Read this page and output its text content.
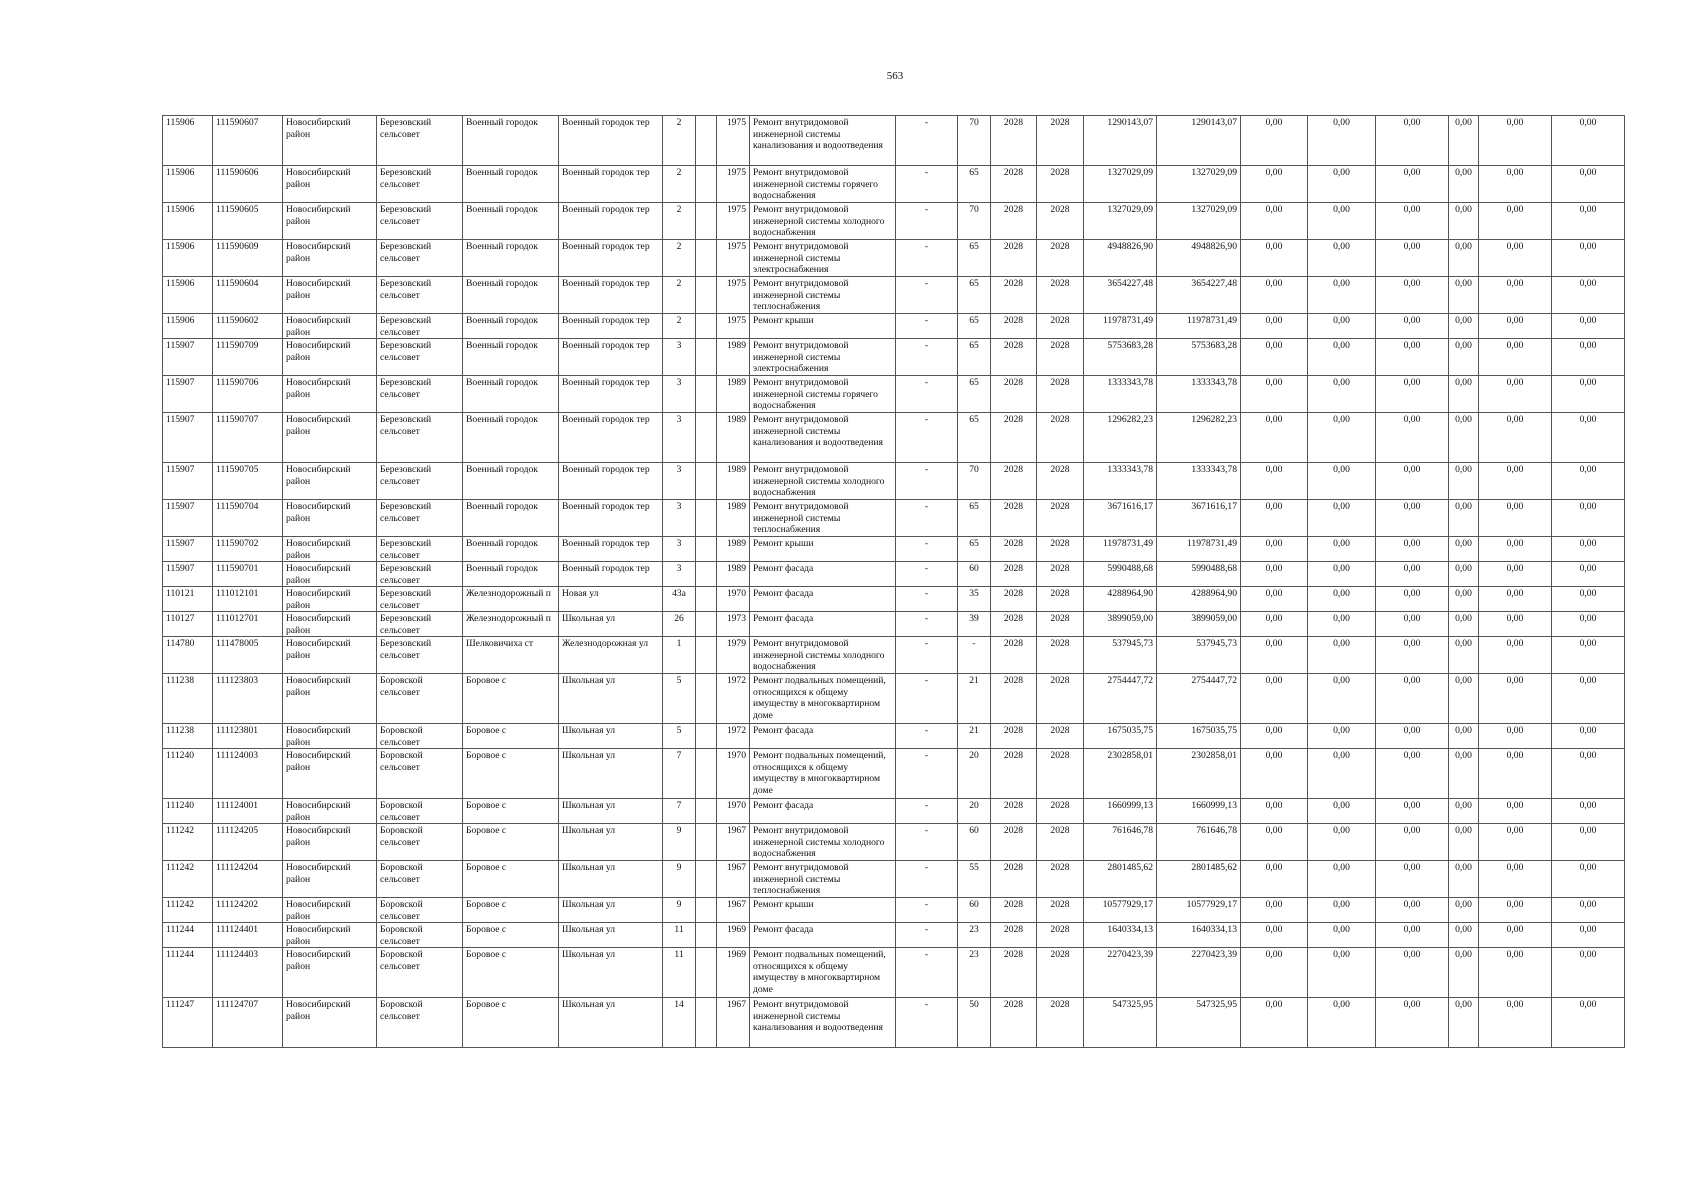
563
115906	111590607	Новосибирский район	Березовский сельсовет	Военный городок	Военный городок тер	2		1975	Ремонт внутридомовой инженерной системы канализования и водоотведения	-	70	2028	2028	1290143,07	1290143,07	0,00	0,00	0,00	0,00	0,00	0,00
115906	111590606	Новосибирский район	Березовский сельсовет	Военный городок	Военный городок тер	2		1975	Ремонт внутридомовой инженерной системы горячего водоснабжения	-	65	2028	2028	1327029,09	1327029,09	0,00	0,00	0,00	0,00	0,00	0,00
115906	111590605	Новосибирский район	Березовский сельсовет	Военный городок	Военный городок тер	2		1975	Ремонт внутридомовой инженерной системы холодного водоснабжения	-	70	2028	2028	1327029,09	1327029,09	0,00	0,00	0,00	0,00	0,00	0,00
115906	111590609	Новосибирский район	Березовский сельсовет	Военный городок	Военный городок тер	2		1975	Ремонт внутридомовой инженерной системы электроснабжения	-	65	2028	2028	4948826,90	4948826,90	0,00	0,00	0,00	0,00	0,00	0,00
115906	111590604	Новосибирский район	Березовский сельсовет	Военный городок	Военный городок тер	2		1975	Ремонт внутридомовой инженерной системы теплоснабжения	-	65	2028	2028	3654227,48	3654227,48	0,00	0,00	0,00	0,00	0,00	0,00
115906	111590602	Новосибирский район	Березовский сельсовет	Военный городок	Военный городок тер	2		1975	Ремонт крыши	-	65	2028	2028	11978731,49	11978731,49	0,00	0,00	0,00	0,00	0,00	0,00
115907	111590709	Новосибирский район	Березовский сельсовет	Военный городок	Военный городок тер	3		1989	Ремонт внутридомовой инженерной системы электроснабжения	-	65	2028	2028	5753683,28	5753683,28	0,00	0,00	0,00	0,00	0,00	0,00
115907	111590706	Новосибирский район	Березовский сельсовет	Военный городок	Военный городок тер	3		1989	Ремонт внутридомовой инженерной системы горячего водоснабжения	-	65	2028	2028	1333343,78	1333343,78	0,00	0,00	0,00	0,00	0,00	0,00
115907	111590707	Новосибирский район	Березовский сельсовет	Военный городок	Военный городок тер	3		1989	Ремонт внутридомовой инженерной системы канализования и водоотведения	-	65	2028	2028	1296282,23	1296282,23	0,00	0,00	0,00	0,00	0,00	0,00
115907	111590705	Новосибирский район	Березовский сельсовет	Военный городок	Военный городок тер	3		1989	Ремонт внутридомовой инженерной системы холодного водоснабжения	-	70	2028	2028	1333343,78	1333343,78	0,00	0,00	0,00	0,00	0,00	0,00
115907	111590704	Новосибирский район	Березовский сельсовет	Военный городок	Военный городок тер	3		1989	Ремонт внутридомовой инженерной системы теплоснабжения	-	65	2028	2028	3671616,17	3671616,17	0,00	0,00	0,00	0,00	0,00	0,00
115907	111590702	Новосибирский район	Березовский сельсовет	Военный городок	Военный городок тер	3		1989	Ремонт крыши	-	65	2028	2028	11978731,49	11978731,49	0,00	0,00	0,00	0,00	0,00	0,00
115907	111590701	Новосибирский район	Березовский сельсовет	Военный городок	Военный городок тер	3		1989	Ремонт фасада	-	60	2028	2028	5990488,68	5990488,68	0,00	0,00	0,00	0,00	0,00	0,00
110121	111012101	Новосибирский район	Березовский сельсовет	Железнодорожный п	Новая ул	43а		1970	Ремонт фасада	-	35	2028	2028	4288964,90	4288964,90	0,00	0,00	0,00	0,00	0,00	0,00
110127	111012701	Новосибирский район	Березовский сельсовет	Железнодорожный п	Школьная ул	26		1973	Ремонт фасада	-	39	2028	2028	3899059,00	3899059,00	0,00	0,00	0,00	0,00	0,00	0,00
114780	111478005	Новосибирский район	Березовский сельсовет	Шелковичиха ст	Железнодорожная ул	1		1979	Ремонт внутридомовой инженерной системы холодного водоснабжения	-	-	2028	2028	537945,73	537945,73	0,00	0,00	0,00	0,00	0,00	0,00
111238	111123803	Новосибирский район	Боровской сельсовет	Боровое с	Школьная ул	5		1972	Ремонт подвальных помещений, относящихся к общему имуществу в многоквартирном доме	-	21	2028	2028	2754447,72	2754447,72	0,00	0,00	0,00	0,00	0,00	0,00
111238	111123801	Новосибирский район	Боровской сельсовет	Боровое с	Школьная ул	5		1972	Ремонт фасада	-	21	2028	2028	1675035,75	1675035,75	0,00	0,00	0,00	0,00	0,00	0,00
111240	111124003	Новосибирский район	Боровской сельсовет	Боровое с	Школьная ул	7		1970	Ремонт подвальных помещений, относящихся к общему имуществу в многоквартирном доме	-	20	2028	2028	2302858,01	2302858,01	0,00	0,00	0,00	0,00	0,00	0,00
111240	111124001	Новосибирский район	Боровской сельсовет	Боровое с	Школьная ул	7		1970	Ремонт фасада	-	20	2028	2028	1660999,13	1660999,13	0,00	0,00	0,00	0,00	0,00	0,00
111242	111124205	Новосибирский район	Боровской сельсовет	Боровое с	Школьная ул	9		1967	Ремонт внутридомовой инженерной системы холодного водоснабжения	-	60	2028	2028	761646,78	761646,78	0,00	0,00	0,00	0,00	0,00	0,00
111242	111124204	Новосибирский район	Боровской сельсовет	Боровое с	Школьная ул	9		1967	Ремонт внутридомовой инженерной системы теплоснабжения	-	55	2028	2028	2801485,62	2801485,62	0,00	0,00	0,00	0,00	0,00	0,00
111242	111124202	Новосибирский район	Боровской сельсовет	Боровое с	Школьная ул	9		1967	Ремонт крыши	-	60	2028	2028	10577929,17	10577929,17	0,00	0,00	0,00	0,00	0,00	0,00
111244	111124401	Новосибирский район	Боровской сельсовет	Боровое с	Школьная ул	11		1969	Ремонт фасада	-	23	2028	2028	1640334,13	1640334,13	0,00	0,00	0,00	0,00	0,00	0,00
111244	111124403	Новосибирский район	Боровской сельсовет	Боровое с	Школьная ул	11		1969	Ремонт подвальных помещений, относящихся к общему имуществу в многоквартирном доме	-	23	2028	2028	2270423,39	2270423,39	0,00	0,00	0,00	0,00	0,00	0,00
111247	111124707	Новосибирский район	Боровской сельсовет	Боровое с	Школьная ул	14		1967	Ремонт внутридомовой инженерной системы канализования и водоотведения	-	50	2028	2028	547325,95	547325,95	0,00	0,00	0,00	0,00	0,00	0,00
